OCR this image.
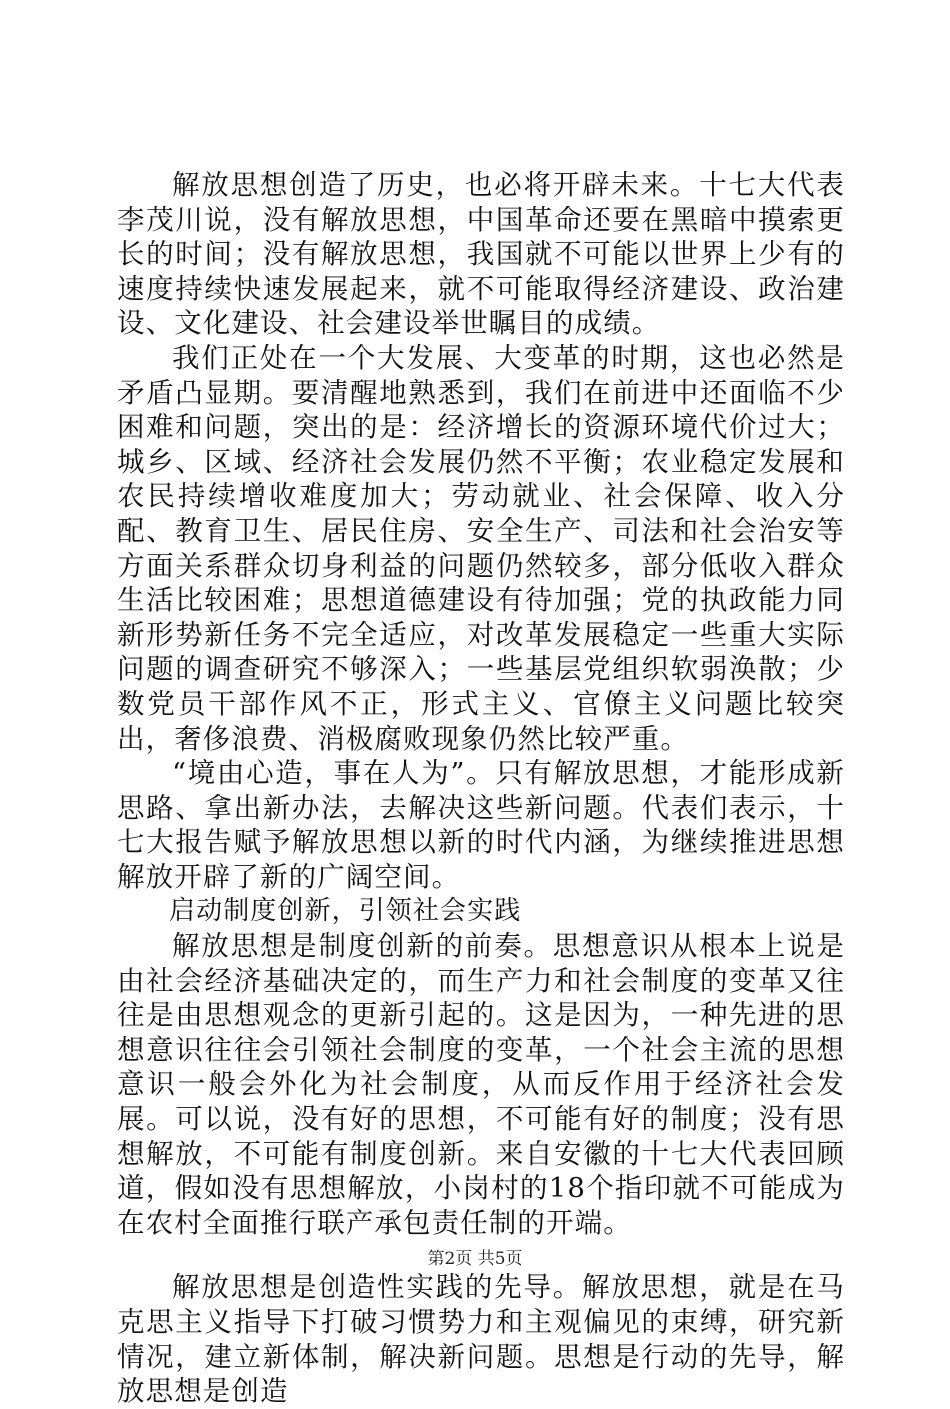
解放思想创造了历史，也必将开辟未来。十七大代表李茂川说，没有解放思想，中国革命还要在黑暗中摸索更长的时间；没有解放思想，我国就不可能以世界上少有的速度持续快速发展起来，就不可能取得经济建设、政治建设、文化建设、社会建设举世瞩目的成绩。

我们正处在一个大发展、大变革的时期，这也必然是矛盾凸显期。要清醒地熟悉到，我们在前进中还面临不少困难和问题，突出的是：经济增长的资源环境代价过大；城乡、区域、经济社会发展仍然不平衡；农业稳定发展和农民持续增收难度加大；劳动就业、社会保障、收入分配、教育卫生、居民住房、安全生产、司法和社会治安等方面关系群众切身利益的问题仍然较多，部分低收入群众生活比较困难；思想道德建设有待加强；党的执政能力同新形势新任务不完全适应，对改革发展稳定一些重大实际问题的调查研究不够深入；一些基层党组织软弱涣散；少数党员干部作风不正，形式主义、官僚主义问题比较突出，奢侈浪费、消极腐败现象仍然比较严重。

“境由心造，事在人为”。只有解放思想，才能形成新思路、拿出新办法，去解决这些新问题。代表们表示，十七大报告赋予解放思想以新的时代内涵，为继续推进思想解放开辟了新的广阔空间。

启动制度创新，引领社会实践

解放思想是制度创新的前奏。思想意识从根本上说是由社会经济基础决定的，而生产力和社会制度的变革又往往是由思想观念的更新引起的。这是因为，一种先进的思想意识往往会引领社会制度的变革，一个社会主流的思想意识一般会外化为社会制度，从而反作用于经济社会发展。可以说，没有好的思想，不可能有好的制度；没有思想解放，不可能有制度创新。来自安徽的十七大代表回顾道，假如没有思想解放，小岗村的18个指印就不可能成为在农村全面推行联产承包责任制的开端。

解放思想是创造性实践的先导。解放思想，就是在马克思主义指导下打破习惯势力和主观偏见的束缚，研究新情况，建立新体制，解决新问题。思想是行动的先导，解放思想是创造

第2页 共5页
